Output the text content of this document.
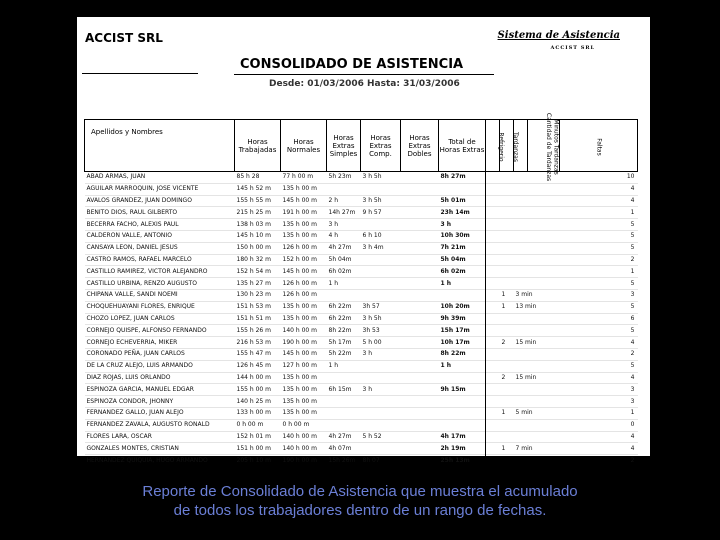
ACCIST SRL	Sistema de Asistencia
ACCIST SRL
CONSOLIDADO DE ASISTENCIA
Desde: 01/03/2006 Hasta: 31/03/2006
Apellidos y Nombres	Horas Trabajadas	Horas Normales	Horas Extras Simples	Horas Extras Comp.	Horas Extras Dobles	Total de Horas Extras	Refrigerio	Tardanzas	Cantidad de Tardanzas	Minutos Tardanzas	Faltas
ABAD ARMAS, JUAN	85 h 28	77 h 00 m	5h 23m	3 h 5h		8h 27m					10
AGUILAR MARROQUIN, JOSE VICENTE	145 h 52 m	135 h 00 m									4
AVALOS GRANDEZ, JUAN DOMINGO	155 h 55 m	145 h 00 m	2 h	3 h 5h		5h 01m					4
BENITO DIOS, RAUL GILBERTO	215 h 25 m	191 h 00 m	14h 27m	9 h 57		23h 14m					1
BECERRA FACHO, ALEXIS PAUL	138 h 03 m	135 h 00 m	3 h			3 h					5
CALDERON VALLE, ANTONIO	145 h 10 m	135 h 00 m	4 h	6 h 10		10h 30m					5
CANSAYA LEON, DANIEL JESUS	150 h 00 m	126 h 00 m	4h 27m	3 h 4m		7h 21m					5
CASTRO RAMOS, RAFAEL MARCELO	180 h 32 m	152 h 00 m	5h 04m			5h 04m					2
CASTILLO RAMIREZ, VICTOR ALEJANDRO	152 h 54 m	145 h 00 m	6h 02m			6h 02m					1
CASTILLO URBINA, RENZO AUGUSTO	135 h 27 m	126 h 00 m	1 h			1 h					5
CHIPANA VALLE, SANDI NOEMI	130 h 23 m	126 h 00 m						1	3 min		3
CHOQUEHUAYANI FLORES, ENRIQUE	151 h 53 m	135 h 00 m	6h 22m	3h 57		10h 20m		1	13 min		5
CHOZO LOPEZ, JUAN CARLOS	151 h 51 m	135 h 00 m	6h 22m	3 h 5h		9h 39m					6
CORNEJO QUISPE, ALFONSO FERNANDO	155 h 26 m	140 h 00 m	8h 22m	3h 53		15h 17m					5
CORNEJO ECHEVERRIA, MIKER	216 h 53 m	190 h 00 m	5h 17m	5 h 00		10h 17m		2	15 min		4
CORONADO PEÑA, JUAN CARLOS	155 h 47 m	145 h 00 m	5h 22m	3 h		8h 22m					2
DE LA CRUZ ALEJO, LUIS ARMANDO	126 h 45 m	127 h 00 m	1 h			1 h					5
DIAZ ROJAS, LUIS ORLANDO	144 h 00 m	135 h 00 m						2	15 min		4
ESPINOZA GARCIA, MANUEL EDGAR	155 h 00 m	135 h 00 m	6h 15m	3 h		9h 15m					3
ESPINOZA CONDOR, JHONNY	140 h 25 m	135 h 00 m									3
FERNANDEZ GALLO, JUAN ALEJO	133 h 00 m	135 h 00 m						1	5 min		1
FERNANDEZ ZAVALA, AUGUSTO RONALD	0 h 00 m	0 h 00 m									0
FLORES LARA, OSCAR	152 h 01 m	140 h 00 m	4h 27m	5 h 52		4h 17m					4
GONZALES MONTES, CRISTIAN	151 h 00 m	140 h 00 m	4h 07m			2h 19m		1	7 min		4
HERNANDEZ QUIQUIA, HUGO ARMANDO	205 h 10 m	190 h 00 m	15h 26m	8h 07		25h 13m					2
Reporte de Consolidado de Asistencia que muestra el acumulado
de todos los trabajadores dentro de un rango de fechas.
